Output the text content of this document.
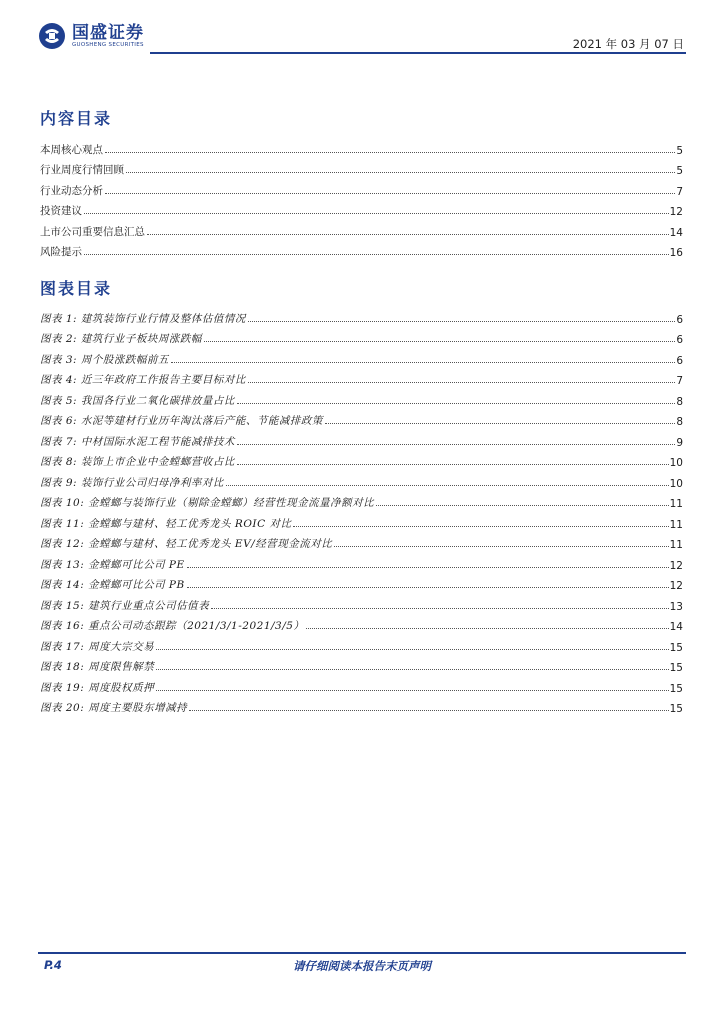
国盛证券
GUOSHENG SECURITIES	2021 年 03 月 07 日
内容目录
本周核心观点	5
行业周度行情回顾	5
行业动态分析	7
投资建议	12
上市公司重要信息汇总	14
风险提示	16
图表目录
图表 1: 建筑装饰行业行情及整体估值情况	6
图表 2: 建筑行业子板块周涨跌幅	6
图表 3: 周个股涨跌幅前五	6
图表 4: 近三年政府工作报告主要目标对比	7
图表 5: 我国各行业二氧化碳排放量占比	8
图表 6: 水泥等建材行业历年淘汰落后产能、节能减排政策	8
图表 7: 中材国际水泥工程节能减排技术	9
图表 8: 装饰上市企业中金螳螂营收占比	10
图表 9: 装饰行业公司归母净利率对比	10
图表 10: 金螳螂与装饰行业（剔除金螳螂）经营性现金流量净额对比	11
图表 11: 金螳螂与建材、轻工优秀龙头 ROIC 对比	11
图表 12: 金螳螂与建材、轻工优秀龙头 EV/经营现金流对比	11
图表 13: 金螳螂可比公司 PE	12
图表 14: 金螳螂可比公司 PB	12
图表 15: 建筑行业重点公司估值表	13
图表 16: 重点公司动态跟踪（2021/3/1-2021/3/5）	14
图表 17: 周度大宗交易	15
图表 18: 周度限售解禁	15
图表 19: 周度股权质押	15
图表 20: 周度主要股东增减持	15
P.4	请仔细阅读本报告末页声明
